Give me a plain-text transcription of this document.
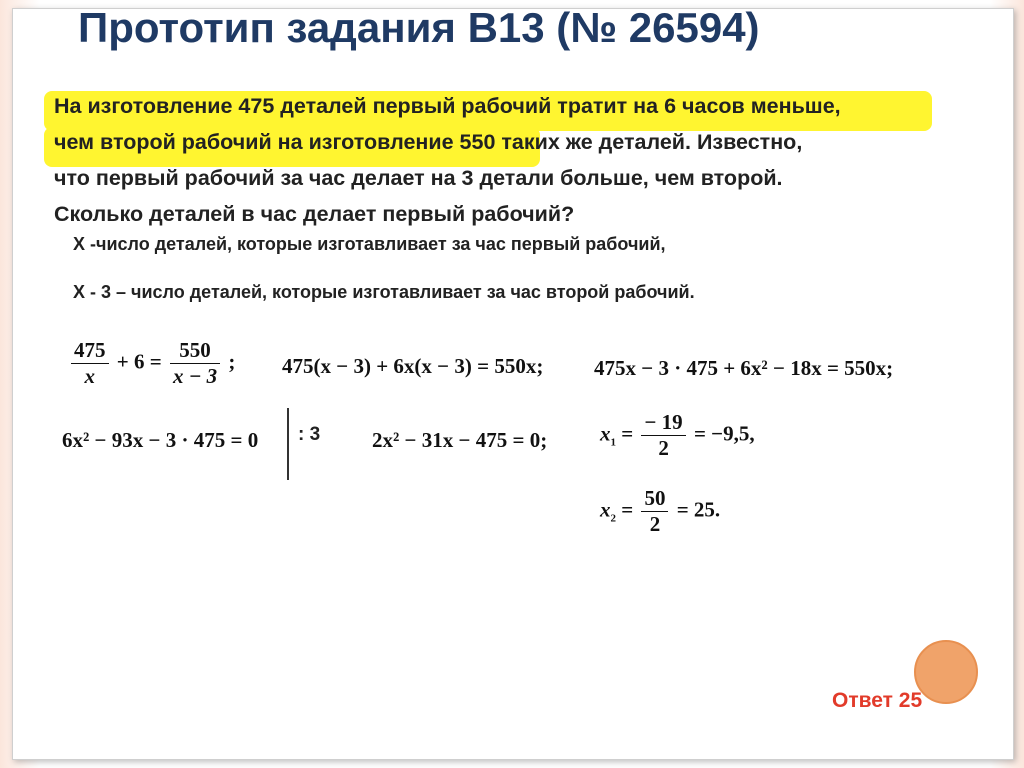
Прототип задания В13 (№ 26594)
На изготовление 475 деталей первый рабочий тратит на 6 часов меньше,
чем второй рабочий на изготовление 550 таких же деталей. Известно,
что первый рабочий за час делает на 3 детали больше, чем второй.
Сколько деталей в час делает первый рабочий?
Х -число деталей, которые изготавливает за час первый рабочий,
Х - 3 – число деталей, которые изготавливает за час второй рабочий.
$\frac{475}{x} + 6 = \frac{550}{x - 3}$ ; 475(x − 3) + 6x(x − 3) = 550x; 475x − 3 · 475 + 6x² − 18x = 550x;
6x² − 93x − 3 · 475 = 0 : 3 2x² − 31x − 475 = 0;	$x_1 = \frac{- 19}{2} = -9,5$,
$x_2 = \frac{50}{2} = 25$.
Ответ 25
